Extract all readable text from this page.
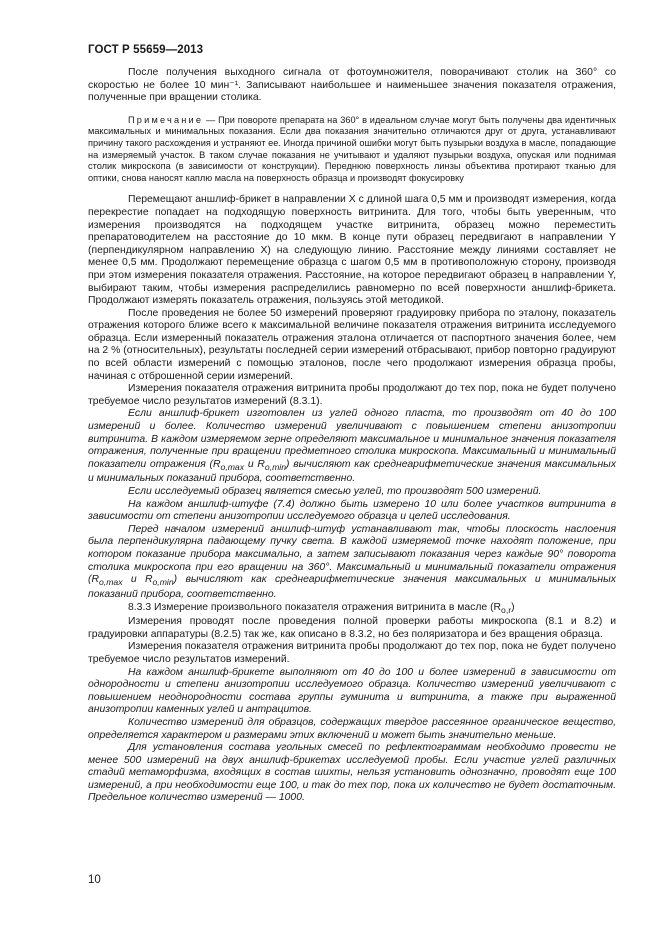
ГОСТ Р 55659—2013

После получения выходного сигнала от фотоумножителя, поворачивают столик на 360° со скоростью не более 10 мин⁻¹. Записывают наибольшее и наименьшее значения показателя отражения, полученные при вращении столика.

Примечание — При повороте препарата на 360° в идеальном случае могут быть получены два идентичных максимальных и минимальных показания. Если два показания значительно отличаются друг от друга, устанавливают причину такого расхождения и устраняют ее. Иногда причиной ошибки могут быть пузырьки воздуха в масле, попадающие на измеряемый участок. В таком случае показания не учитывают и удаляют пузырьки воздуха, опуская или поднимая столик микроскопа (в зависимости от конструкции). Переднюю поверхность линзы объектива протирают тканью для оптики, снова наносят каплю масла на поверхность образца и производят фокусировку

Перемещают аншлиф-брикет в направлении X с длиной шага 0,5 мм и производят измерения, когда перекрестие попадает на подходящую поверхность витринита. Для того, чтобы быть уверенным, что измерения производятся на подходящем участке витринита, образец можно переместить препаратоводителем на расстояние до 10 мкм. В конце пути образец передвигают в направлении Y (перпендикулярном направлению X) на следующую линию. Расстояние между линиями составляет не менее 0,5 мм. Продолжают перемещение образца с шагом 0,5 мм в противоположную сторону, производя при этом измерения показателя отражения. Расстояние, на которое передвигают образец в направлении Y, выбирают таким, чтобы измерения распределились равномерно по всей поверхности аншлиф-брикета. Продолжают измерять показатель отражения, пользуясь этой методикой.

После проведения не более 50 измерений проверяют градуировку прибора по эталону, показатель отражения которого ближе всего к максимальной величине показателя отражения витринита исследуемого образца. Если измеренный показатель отражения эталона отличается от паспортного значения более, чем на 2 % (относительных), результаты последней серии измерений отбрасывают, прибор повторно градуируют по всей области измерений с помощью эталонов, после чего продолжают измерения образца пробы, начиная с отброшенной серии измерений.

Измерения показателя отражения витринита пробы продолжают до тех пор, пока не будет получено требуемое число результатов измерений (8.3.1).

Если аншлиф-брикет изготовлен из углей одного пласта, то производят от 40 до 100 измерений и более. Количество измерений увеличивают с повышением степени анизотропии витринита. В каждом измеряемом зерне определяют максимальное и минимальное значения показателя отражения, полученные при вращении предметного столика микроскопа. Максимальный и минимальный показатели отражения ($R_{o,max}$ и $R_{o,min}$) вычисляют как среднеарифметические значения максимальных и минимальных показаний прибора, соответственно.

Если исследуемый образец является смесью углей, то производят 500 измерений.

На каждом аншлиф-штуфе (7.4) должно быть измерено 10 или более участков витринита в зависимости от степени анизотропии исследуемого образца и целей исследования.

Перед началом измерений аншлиф-штуф устанавливают так, чтобы плоскость наслоения была перпендикулярна падающему пучку света. В каждой измеряемой точке находят положение, при котором показание прибора максимально, а затем записывают показания через каждые 90° поворота столика микроскопа при его вращении на 360°. Максимальный и минимальный показатели отражения ($R_{o,max}$ и $R_{o,min}$) вычисляют как среднеарифметические значения максимальных и минимальных показаний прибора, соответственно.

8.3.3 Измерение произвольного показателя отражения витринита в масле $(R_{o,r})$

Измерения проводят после проведения полной проверки работы микроскопа (8.1 и 8.2) и градуировки аппаратуры (8.2.5) так же, как описано в 8.3.2, но без поляризатора и без вращения образца.

Измерения показателя отражения витринита пробы продолжают до тех пор, пока не будет получено требуемое число результатов измерений.

На каждом аншлиф-брикете выполняют от 40 до 100 и более измерений в зависимости от однородности и степени анизотропии исследуемого образца. Количество измерений увеличивают с повышением неоднородности состава группы гуминита и витринита, а также при выраженной анизотропии каменных углей и антрацитов.

Количество измерений для образцов, содержащих твердое рассеянное органическое вещество, определяется характером и размерами этих включений и может быть значительно меньше.

Для установления состава угольных смесей по рефлектограммам необходимо провести не менее 500 измерений на двух аншлиф-брикетах исследуемой пробы. Если участие углей различных стадий метаморфизма, входящих в состав шихты, нельзя установить однозначно, проводят еще 100 измерений, а при необходимости еще 100, и так до тех пор, пока их количество не будет достаточным. Предельное количество измерений — 1000.

10
